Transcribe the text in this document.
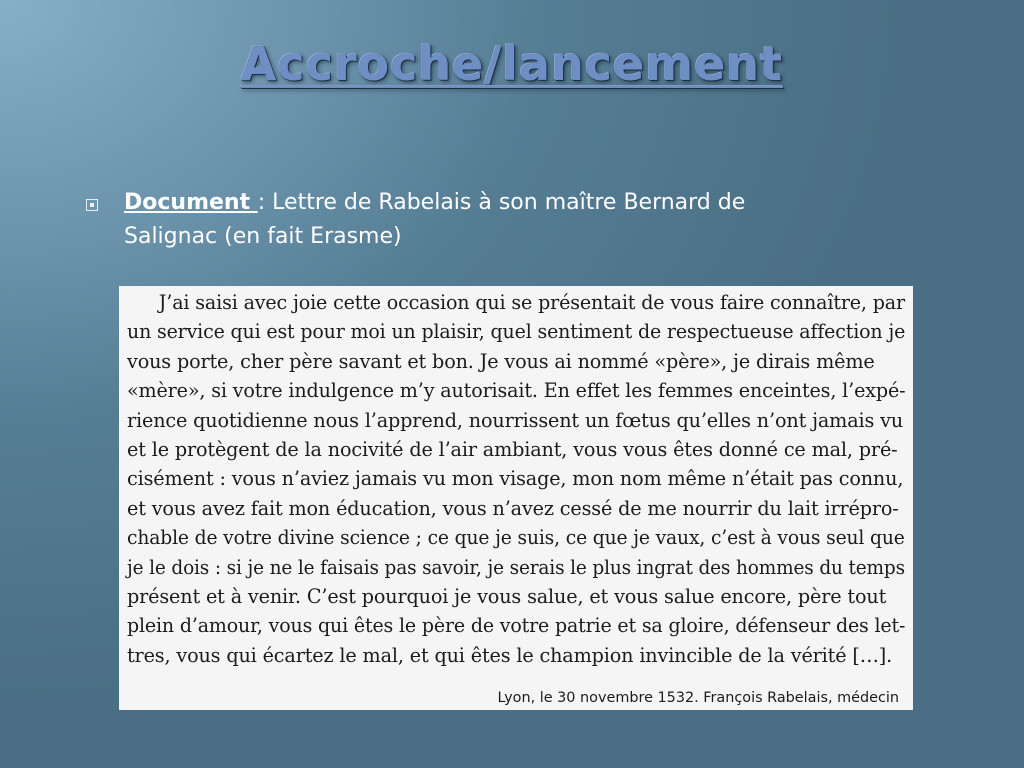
Accroche/lancement
Document : Lettre de Rabelais à son maître Bernard de
Salignac (en fait Erasme)
J’ai saisi avec joie cette occasion qui se présentait de vous faire connaître, par
un service qui est pour moi un plaisir, quel sentiment de respectueuse affection je
vous porte, cher père savant et bon. Je vous ai nommé «père», je dirais même
«mère», si votre indulgence m’y autorisait. En effet les femmes enceintes, l’expé-
rience quotidienne nous l’apprend, nourrissent un fœtus qu’elles n’ont jamais vu
et le protègent de la nocivité de l’air ambiant, vous vous êtes donné ce mal, pré-
cisément : vous n’aviez jamais vu mon visage, mon nom même n’était pas connu,
et vous avez fait mon éducation, vous n’avez cessé de me nourrir du lait irrépro-
chable de votre divine science ; ce que je suis, ce que je vaux, c’est à vous seul que
je le dois : si je ne le faisais pas savoir, je serais le plus ingrat des hommes du temps
présent et à venir. C’est pourquoi je vous salue, et vous salue encore, père tout
plein d’amour, vous qui êtes le père de votre patrie et sa gloire, défenseur des let-
tres, vous qui écartez le mal, et qui êtes le champion invincible de la vérité […].
Lyon, le 30 novembre 1532. François Rabelais, médecin
